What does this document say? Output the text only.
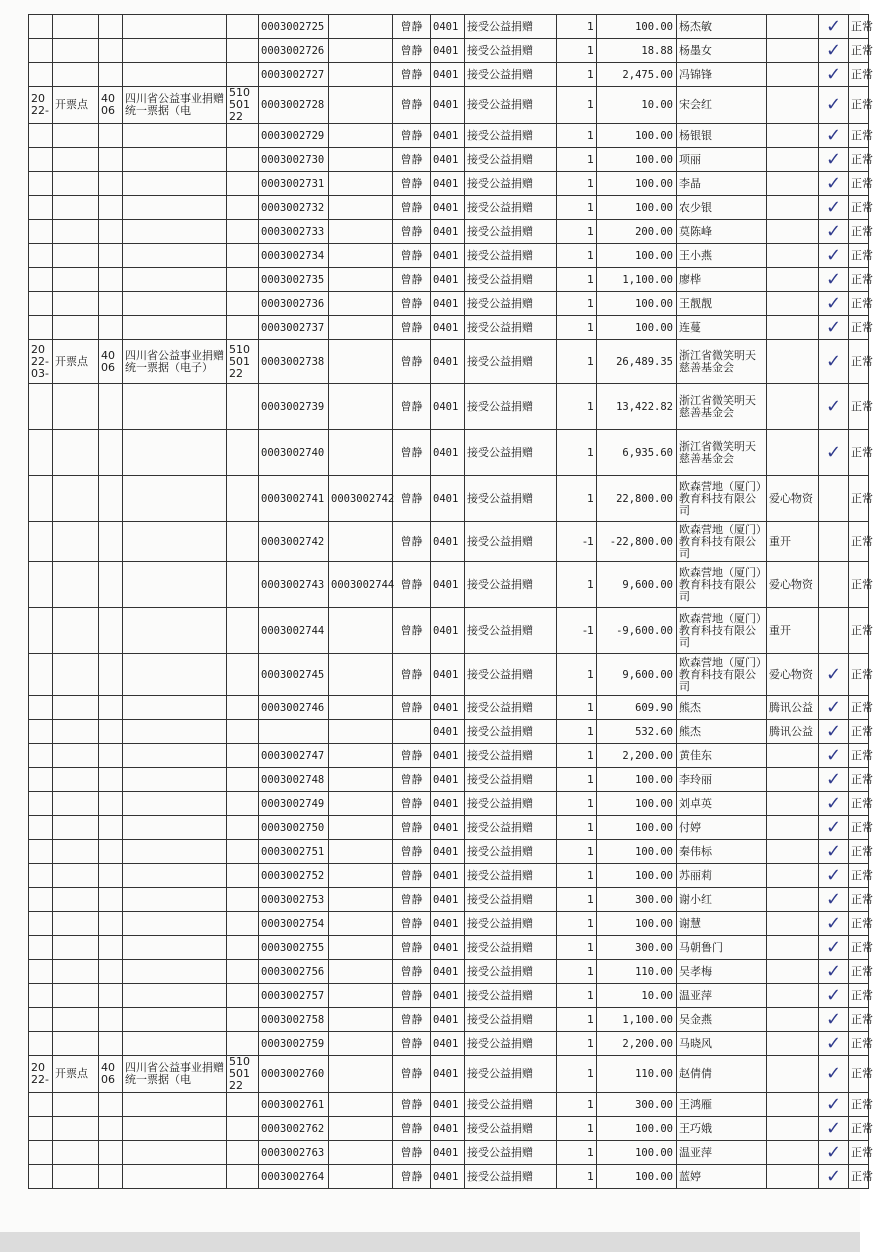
					0003002725		曾静	0401	接受公益捐赠	1	100.00	杨杰敏		✓	正常
					0003002726		曾静	0401	接受公益捐赠	1	18.88	杨墨女		✓	正常
					0003002727		曾静	0401	接受公益捐赠	1	2,475.00	冯锦锋		✓	正常
2022-	开票点	4006	四川省公益事业捐赠统一票据（电	51050122	0003002728		曾静	0401	接受公益捐赠	1	10.00	宋会红		✓	正常
					0003002729		曾静	0401	接受公益捐赠	1	100.00	杨银银		✓	正常
					0003002730		曾静	0401	接受公益捐赠	1	100.00	项丽		✓	正常
					0003002731		曾静	0401	接受公益捐赠	1	100.00	李晶		✓	正常
					0003002732		曾静	0401	接受公益捐赠	1	100.00	农少银		✓	正常
					0003002733		曾静	0401	接受公益捐赠	1	200.00	莫陈峰		✓	正常
					0003002734		曾静	0401	接受公益捐赠	1	100.00	王小燕		✓	正常
					0003002735		曾静	0401	接受公益捐赠	1	1,100.00	廖桦		✓	正常
					0003002736		曾静	0401	接受公益捐赠	1	100.00	王靓靓		✓	正常
					0003002737		曾静	0401	接受公益捐赠	1	100.00	连蔓		✓	正常
2022-03-	开票点	4006	四川省公益事业捐赠统一票据（电子）	51050122	0003002738		曾静	0401	接受公益捐赠	1	26,489.35	浙江省微笑明天慈善基金会		✓	正常
					0003002739		曾静	0401	接受公益捐赠	1	13,422.82	浙江省微笑明天慈善基金会		✓	正常
					0003002740		曾静	0401	接受公益捐赠	1	6,935.60	浙江省微笑明天慈善基金会		✓	正常
					0003002741	0003002742	曾静	0401	接受公益捐赠	1	22,800.00	欧森营地（厦门）教育科技有限公司	爱心物资		正常
					0003002742		曾静	0401	接受公益捐赠	-1	-22,800.00	欧森营地（厦门）教育科技有限公司	重开		正常
					0003002743	0003002744	曾静	0401	接受公益捐赠	1	9,600.00	欧森营地（厦门）教育科技有限公司	爱心物资		正常
					0003002744		曾静	0401	接受公益捐赠	-1	-9,600.00	欧森营地（厦门）教育科技有限公司	重开		正常
					0003002745		曾静	0401	接受公益捐赠	1	9,600.00	欧森营地（厦门）教育科技有限公司	爱心物资	✓	正常
					0003002746		曾静	0401	接受公益捐赠	1	609.90	熊杰	腾讯公益	✓	正常
								0401	接受公益捐赠	1	532.60	熊杰	腾讯公益	✓	正常
					0003002747		曾静	0401	接受公益捐赠	1	2,200.00	黄佳东		✓	正常
					0003002748		曾静	0401	接受公益捐赠	1	100.00	李玲丽		✓	正常
					0003002749		曾静	0401	接受公益捐赠	1	100.00	刘卓英		✓	正常
					0003002750		曾静	0401	接受公益捐赠	1	100.00	付婷		✓	正常
					0003002751		曾静	0401	接受公益捐赠	1	100.00	秦伟标		✓	正常
					0003002752		曾静	0401	接受公益捐赠	1	100.00	苏丽莉		✓	正常
					0003002753		曾静	0401	接受公益捐赠	1	300.00	谢小红		✓	正常
					0003002754		曾静	0401	接受公益捐赠	1	100.00	谢慧		✓	正常
					0003002755		曾静	0401	接受公益捐赠	1	300.00	马朝鲁门		✓	正常
					0003002756		曾静	0401	接受公益捐赠	1	110.00	吴孝梅		✓	正常
					0003002757		曾静	0401	接受公益捐赠	1	10.00	温亚萍		✓	正常
					0003002758		曾静	0401	接受公益捐赠	1	1,100.00	吴金燕		✓	正常
					0003002759		曾静	0401	接受公益捐赠	1	2,200.00	马晓风		✓	正常
2022-	开票点	4006	四川省公益事业捐赠统一票据（电	51050122	0003002760		曾静	0401	接受公益捐赠	1	110.00	赵倩倩		✓	正常
					0003002761		曾静	0401	接受公益捐赠	1	300.00	王鸿雁		✓	正常
					0003002762		曾静	0401	接受公益捐赠	1	100.00	王巧娥		✓	正常
					0003002763		曾静	0401	接受公益捐赠	1	100.00	温亚萍		✓	正常
					0003002764		曾静	0401	接受公益捐赠	1	100.00	蓝婷		✓	正常
